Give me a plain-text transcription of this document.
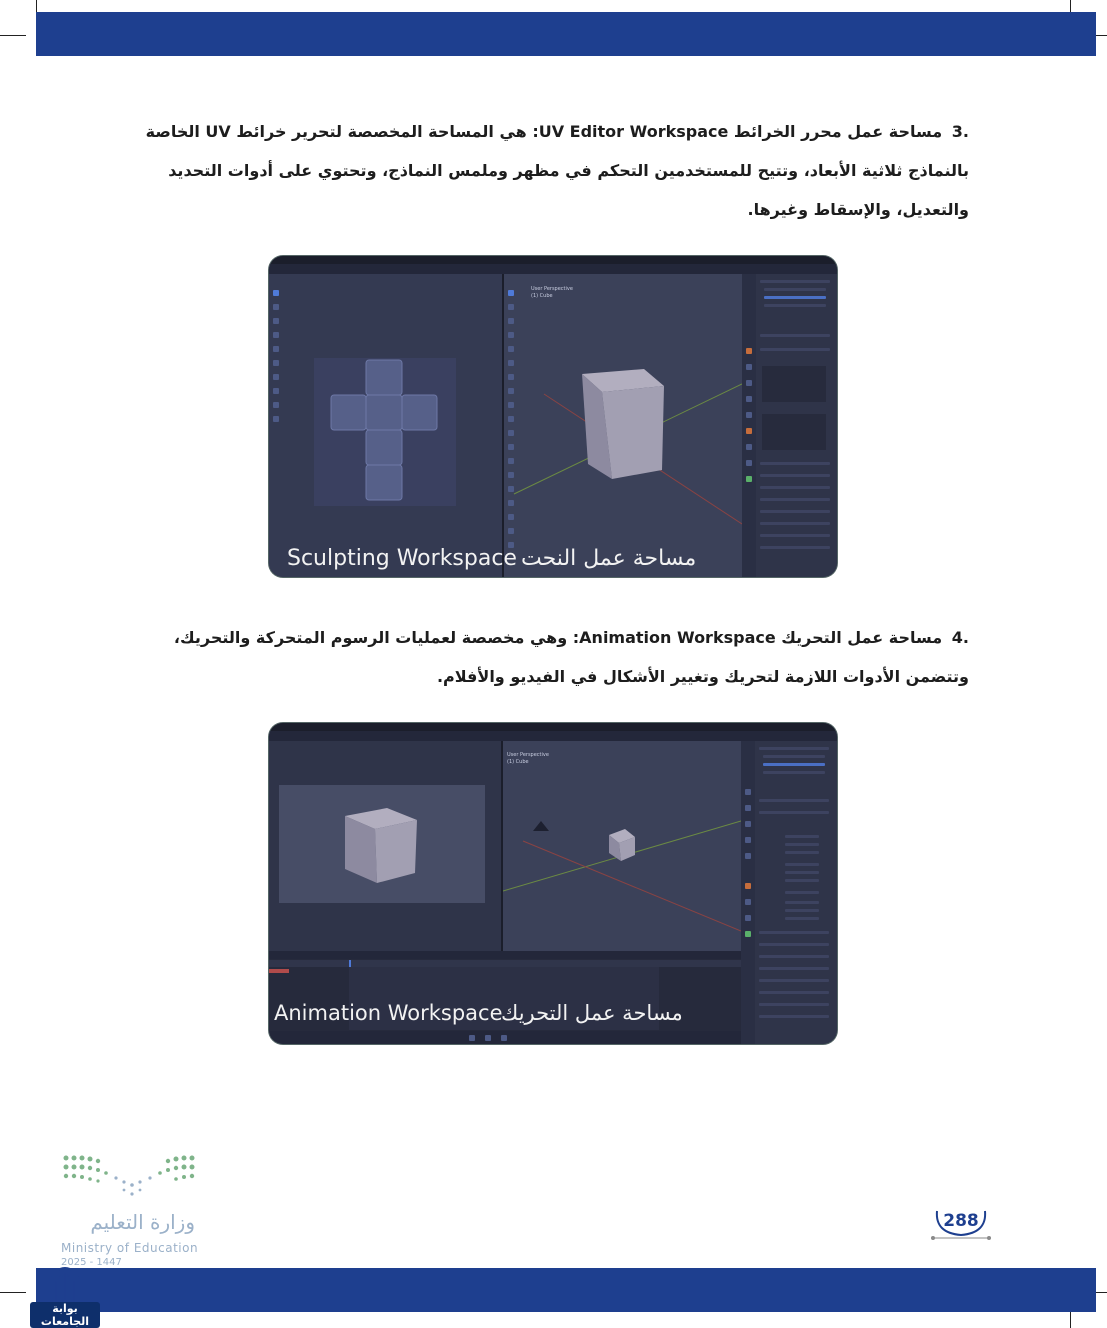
.3 مساحة عمل محرر الخرائط UV Editor Workspace: هي المساحة المخصصة لتحرير خرائط UV الخاصة بالنماذج ثلاثية الأبعاد، وتتيح للمستخدمين التحكم في مظهر وملمس النماذج، وتحتوي على أدوات التحديد والتعديل، والإسقاط وغيرها.
User Perspective
(1) Cube
Sculpting Workspace مساحة عمل النحت
.4 مساحة عمل التحريك Animation Workspace: وهي مخصصة لعمليات الرسوم المتحركة والتحريك، وتتضمن الأدوات اللازمة لتحريك وتغيير الأشكال في الفيديو والأفلام.
User Perspective
(1) Cube
Animation Workspace
مساحة عمل التحريك
وزارة التعليم
Ministry of Education
2025 - 1447
288
بوابة الجامعات
